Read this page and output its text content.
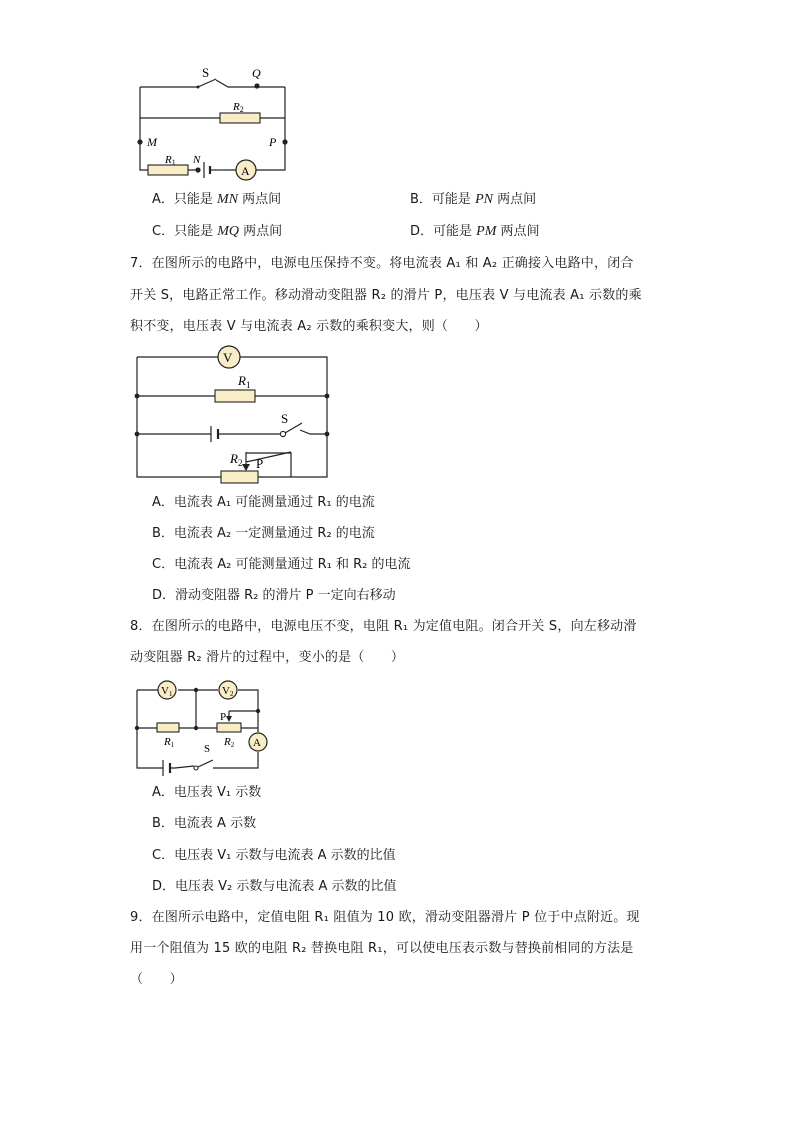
S	Q
R2
M	P
R1 N
A
A．只能是 MN 两点间	B．可能是 PN 两点间
C．只能是 MQ 两点间	D．可能是 PM 两点间
7．在图所示的电路中，电源电压保持不变。将电流表 A₁ 和 A₂ 正确接入电路中，闭合
开关 S，电路正常工作。移动滑动变阻器 R₂ 的滑片 P，电压表 V 与电流表 A₁ 示数的乘
积不变，电压表 V 与电流表 A₂ 示数的乘积变大，则（　　）
V
$R_1$
S
$R_2$ P
A．电流表 A₁ 可能测量通过 R₁ 的电流
B．电流表 A₂ 一定测量通过 R₂ 的电流
C．电流表 A₂ 可能测量通过 R₁ 和 R₂ 的电流
D．滑动变阻器 R₂ 的滑片 P 一定向右移动
8．在图所示的电路中，电源电压不变，电阻 R₁ 为定值电阻。闭合开关 S，向左移动滑
动变阻器 R₂ 滑片的过程中，变小的是（　　）
V1	V2
P
R1	S
R2 A
A．电压表 V₁ 示数
B．电流表 A 示数
C．电压表 V₁ 示数与电流表 A 示数的比值
D．电压表 V₂ 示数与电流表 A 示数的比值
9．在图所示电路中，定值电阻 R₁ 阻值为 10 欧，滑动变阻器滑片 P 位于中点附近。现
用一个阻值为 15 欧的电阻 R₂ 替换电阻 R₁，可以使电压表示数与替换前相同的方法是
（　　）
